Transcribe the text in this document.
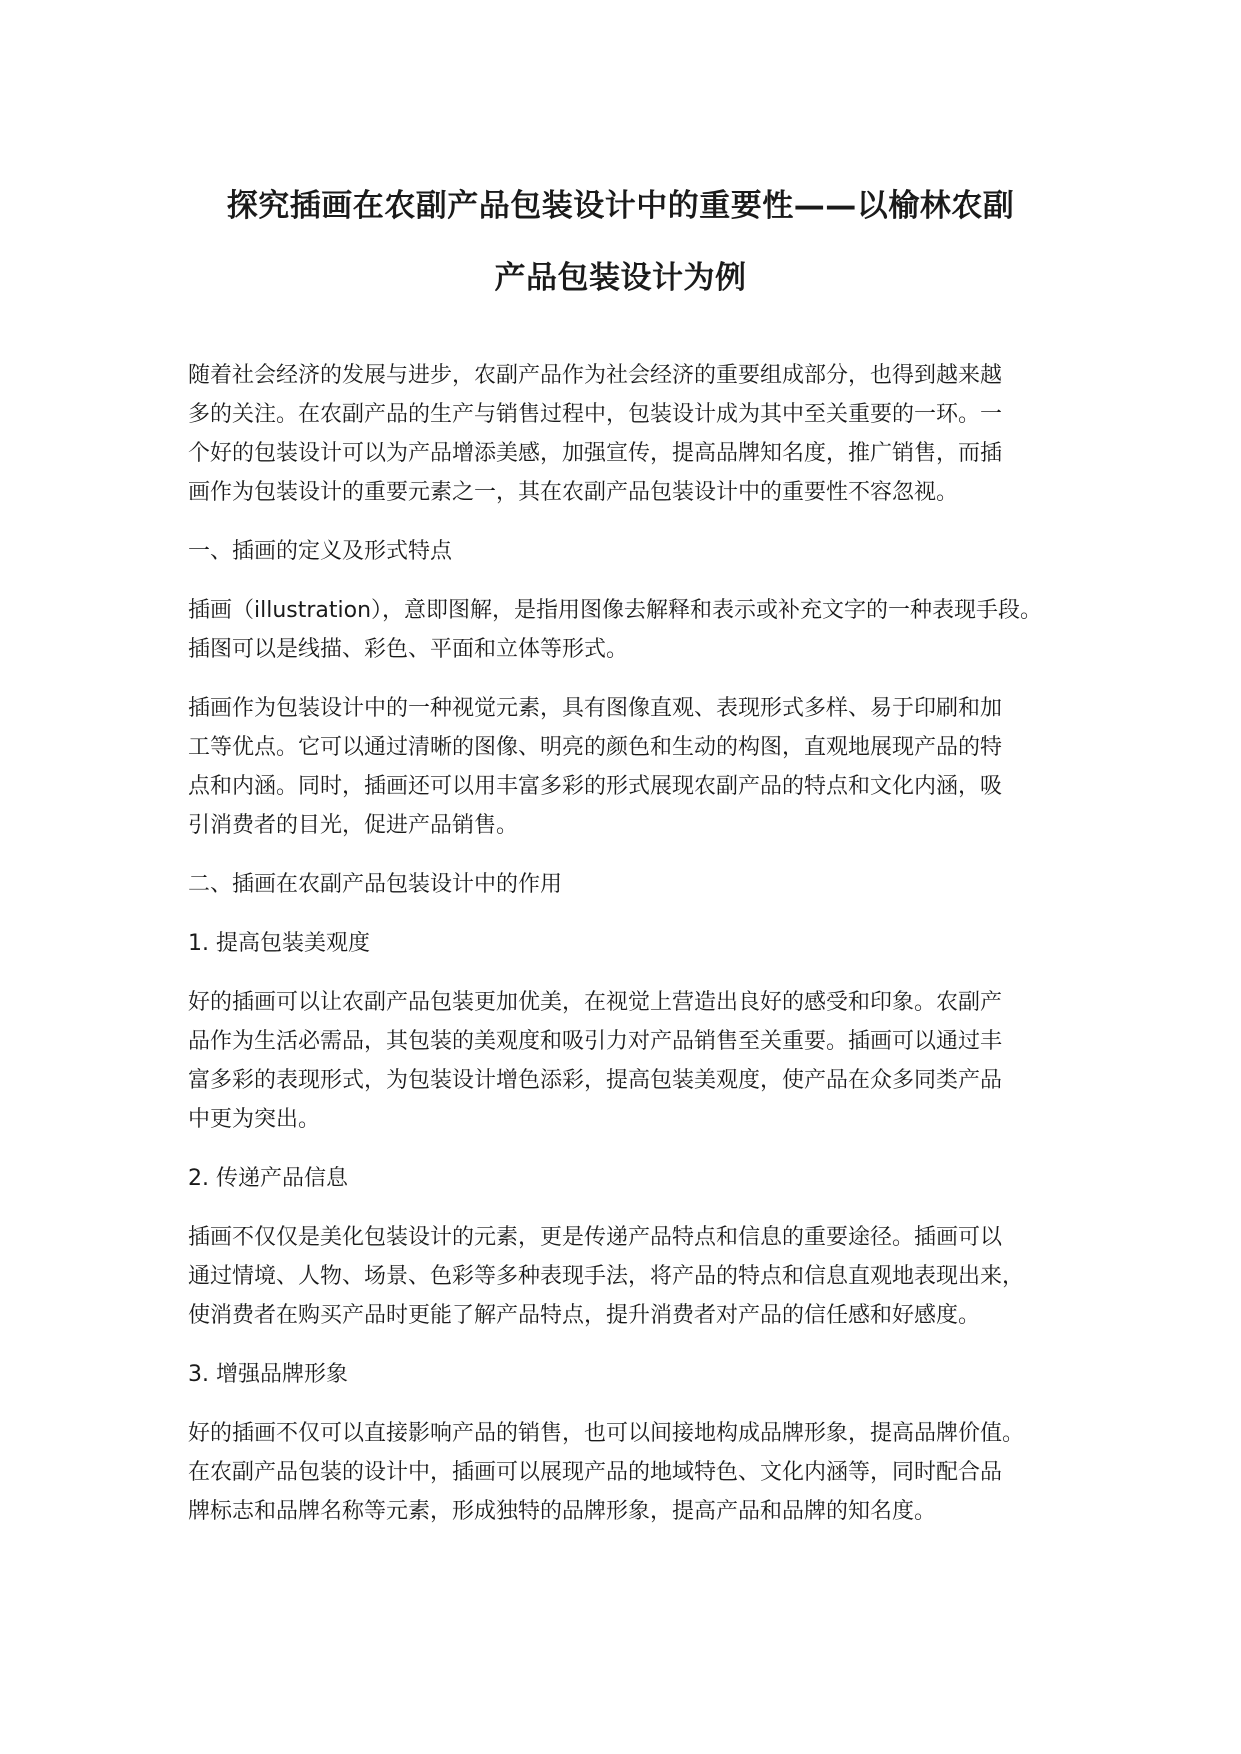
探究插画在农副产品包装设计中的重要性——以榆林农副
产品包装设计为例

随着社会经济的发展与进步，农副产品作为社会经济的重要组成部分，也得到越来越

多的关注。在农副产品的生产与销售过程中，包装设计成为其中至关重要的一环。一

个好的包装设计可以为产品增添美感，加强宣传，提高品牌知名度，推广销售，而插

画作为包装设计的重要元素之一，其在农副产品包装设计中的重要性不容忽视。

一、插画的定义及形式特点

插画（illustration），意即图解，是指用图像去解释和表示或补充文字的一种表现手段。

插图可以是线描、彩色、平面和立体等形式。

插画作为包装设计中的一种视觉元素，具有图像直观、表现形式多样、易于印刷和加

工等优点。它可以通过清晰的图像、明亮的颜色和生动的构图，直观地展现产品的特

点和内涵。同时，插画还可以用丰富多彩的形式展现农副产品的特点和文化内涵，吸

引消费者的目光，促进产品销售。

二、插画在农副产品包装设计中的作用

1. 提高包装美观度

好的插画可以让农副产品包装更加优美，在视觉上营造出良好的感受和印象。农副产

品作为生活必需品，其包装的美观度和吸引力对产品销售至关重要。插画可以通过丰

富多彩的表现形式，为包装设计增色添彩，提高包装美观度，使产品在众多同类产品

中更为突出。

2. 传递产品信息

插画不仅仅是美化包装设计的元素，更是传递产品特点和信息的重要途径。插画可以

通过情境、人物、场景、色彩等多种表现手法，将产品的特点和信息直观地表现出来，

使消费者在购买产品时更能了解产品特点，提升消费者对产品的信任感和好感度。

3. 增强品牌形象

好的插画不仅可以直接影响产品的销售，也可以间接地构成品牌形象，提高品牌价值。

在农副产品包装的设计中，插画可以展现产品的地域特色、文化内涵等，同时配合品

牌标志和品牌名称等元素，形成独特的品牌形象，提高产品和品牌的知名度。
